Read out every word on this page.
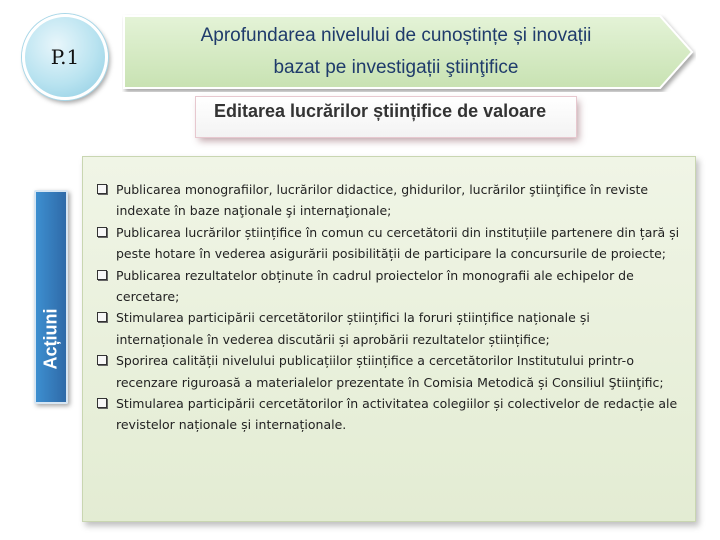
P.1
Aprofundarea nivelului de cunoștințe și inovații
bazat pe investigații ştiinţifice
Editarea lucrărilor științifice de valoare
Acțiuni
Publicarea monografiilor, lucrărilor didactice, ghidurilor, lucrărilor ştiinţifice în reviste indexate în baze naţionale şi internaţionale;
Publicarea lucrărilor științifice în comun cu cercetătorii din instituțiile partenere din țară și peste hotare în vederea asigurării posibilității de participare la concursurile de proiecte;
Publicarea rezultatelor obținute în cadrul proiectelor în monografii ale echipelor de cercetare;
Stimularea participării cercetătorilor științifici la foruri științifice naționale și internaționale în vederea discutării și aprobării rezultatelor științifice;
Sporirea calității nivelului publicațiilor științifice a cercetătorilor Institutului printr-o recenzare riguroasă a materialelor prezentate în Comisia Metodică și Consiliul Ştiinţific;
Stimularea participării cercetătorilor în activitatea colegiilor și colectivelor de redacție ale revistelor naționale și internaționale.
